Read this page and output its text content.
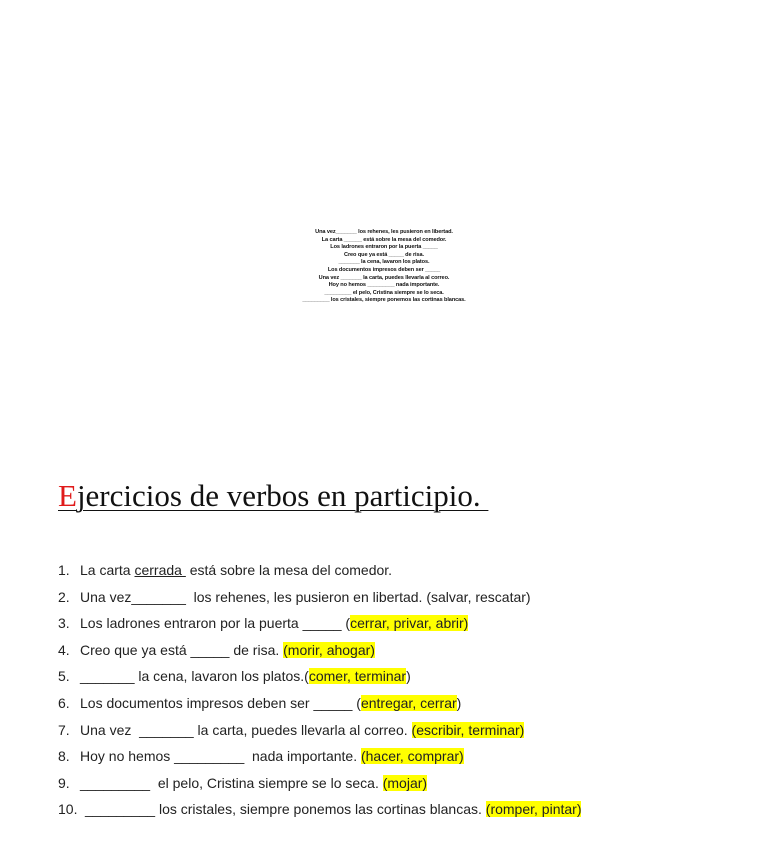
Una vez_______ los rehenes, les pusieron en libertad.
La carta ______ está sobre la mesa del comedor.
Los ladrones entraron por la puerta _____
Creo que ya está _____ de risa.
_______ la cena, lavaron los platos.
Los documentos impresos deben ser _____
Una vez _______ la carta, puedes llevarla al correo.
Hoy no hemos _________ nada importante.
_________ el pelo, Cristina siempre se lo seca.
_________ los cristales, siempre ponemos las cortinas blancas.
Ejercicios de verbos en participio.
1. La carta cerrada  está sobre la mesa del comedor.
2. Una vez_______  los rehenes, les pusieron en libertad. (salvar, rescatar)
3. Los ladrones entraron por la puerta _____ (cerrar, privar, abrir)
4. Creo que ya está _____ de risa. (morir, ahogar)
5. _______ la cena, lavaron los platos.(comer, terminar)
6. Los documentos impresos deben ser _____ (entregar, cerrar)
7. Una vez  _______ la carta, puedes llevarla al correo. (escribir, terminar)
8. Hoy no hemos _________  nada importante. (hacer, comprar)
9. _________  el pelo, Cristina siempre se lo seca. (mojar)
10. _________ los cristales, siempre ponemos las cortinas blancas. (romper, pintar)
